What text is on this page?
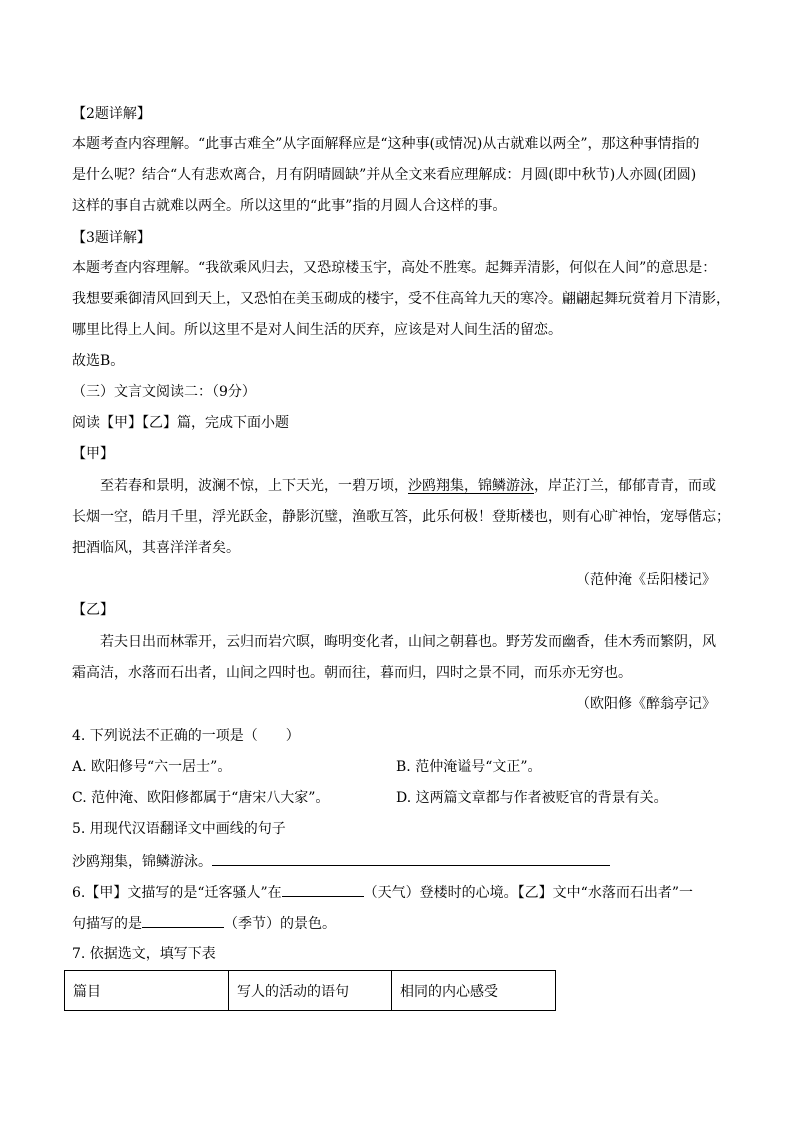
【2题详解】
本题考查内容理解。“此事古难全”从字面解释应是“这种事(或情况)从古就难以两全”，那这种事情指的
是什么呢？结合“人有悲欢离合，月有阴晴圆缺”并从全文来看应理解成：月圆(即中秋节)人亦圆(团圆)
这样的事自古就难以两全。所以这里的“此事”指的月圆人合这样的事。
【3题详解】
本题考查内容理解。“我欲乘风归去，又恐琼楼玉宇，高处不胜寒。起舞弄清影，何似在人间”的意思是：
我想要乘御清风回到天上，又恐怕在美玉砌成的楼宇，受不住高耸九天的寒冷。翩翩起舞玩赏着月下清影，
哪里比得上人间。所以这里不是对人间生活的厌弃，应该是对人间生活的留恋。
故选B。
（三）文言文阅读二：（9分）
阅读【甲】【乙】篇，完成下面小题
【甲】
至若春和景明，波澜不惊，上下天光，一碧万顷，沙鸥翔集，锦鳞游泳，岸芷汀兰，郁郁青青，而或
长烟一空，皓月千里，浮光跃金，静影沉璧，渔歌互答，此乐何极！登斯楼也，则有心旷神怡，宠辱偕忘；
把酒临风，其喜洋洋者矣。
（范仲淹《岳阳楼记》
【乙】
若夫日出而林霏开，云归而岩穴暝，晦明变化者，山间之朝暮也。野芳发而幽香，佳木秀而繁阴，风
霜高洁，水落而石出者，山间之四时也。朝而往，暮而归，四时之景不同，而乐亦无穷也。
（欧阳修《醉翁亭记》
4. 下列说法不正确的一项是（　　）
A. 欧阳修号“六一居士”。	B. 范仲淹谥号“文正”。
C. 范仲淹、欧阳修都属于“唐宋八大家”。	D. 这两篇文章都与作者被贬官的背景有关。
5. 用现代汉语翻译文中画线的句子
沙鸥翔集，锦鳞游泳。
6.【甲】文描写的是“迁客骚人”在	（天气）登楼时的心境。【乙】文中“水落而石出者”一
句描写的是	（季节）的景色。
7. 依据选文，填写下表
篇目	写人的活动的语句	相同的内心感受
